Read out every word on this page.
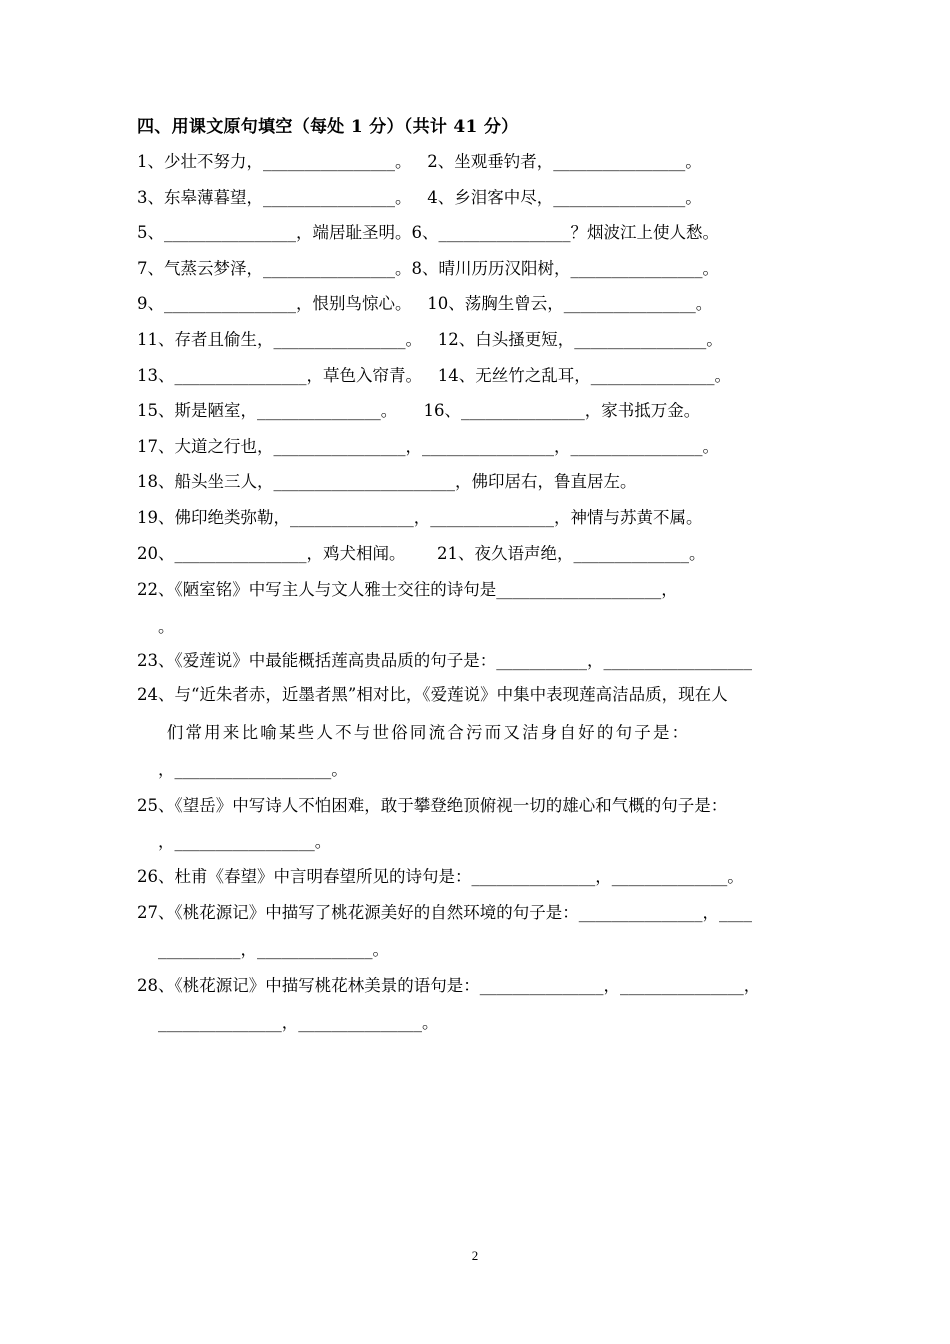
四、用课文原句填空（每处 1 分）（共计 41 分）
1、少壮不努力，________________。   2、坐观垂钓者，________________。
3、东皋薄暮望，________________。   4、乡泪客中尽，________________。
5、________________，端居耻圣明。6、________________？烟波江上使人愁。
7、气蒸云梦泽，________________。8、晴川历历汉阳树，________________。
9、________________，恨别鸟惊心。   10、荡胸生曾云，________________。
11、存者且偷生，________________。   12、白头搔更短，________________。
13、________________，草色入帘青。   14、无丝竹之乱耳，_______________。
15、斯是陋室，_______________。     16、_______________，家书抵万金。
17、大道之行也，________________，________________，________________。
18、船头坐三人，______________________，佛印居右，鲁直居左。
19、佛印绝类弥勒，_______________，_______________，神情与苏黄不属。
20、________________，鸡犬相闻。      21、夜久语声绝，______________。
22、《陋室铭》中写主人与文人雅士交往的诗句是____________________，
。
23、《爱莲说》中最能概括莲高贵品质的句子是：___________，__________________
24、与“近朱者赤，近墨者黑”相对比，《爱莲说》中集中表现莲高洁品质，现在人
们常用来比喻某些人不与世俗同流合污而又洁身自好的句子是：
，___________________。
25、《望岳》中写诗人不怕困难，敢于攀登绝顶俯视一切的雄心和气概的句子是：
，_________________。
26、杜甫《春望》中言明春望所见的诗句是：_______________，______________。
27、《桃花源记》中描写了桃花源美好的自然环境的句子是：_______________，____
__________，______________。
28、《桃花源记》中描写桃花林美景的语句是：_______________，_______________，
_______________，_______________。
2
